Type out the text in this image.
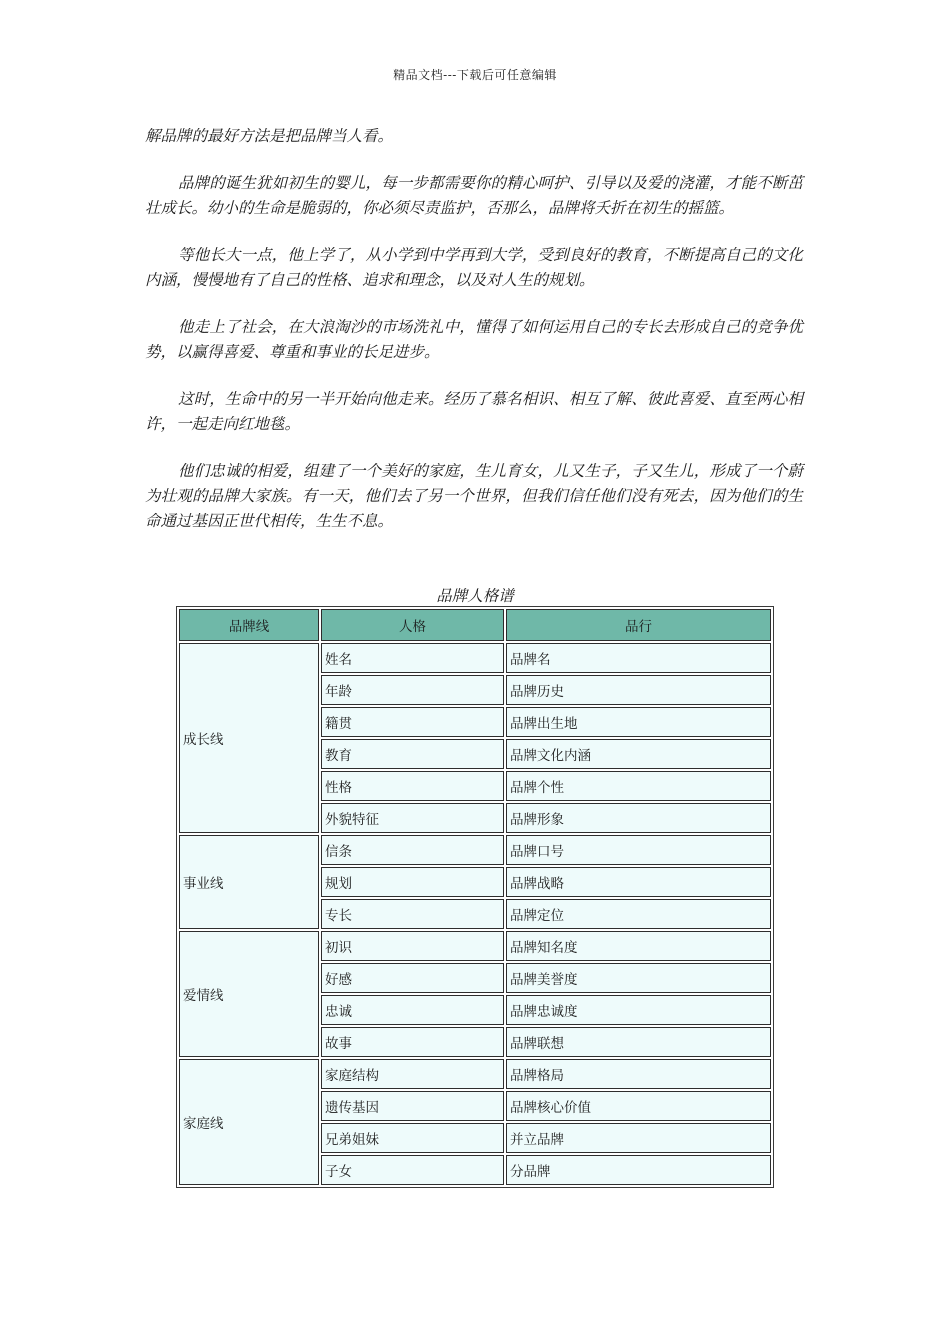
精品文档---下载后可任意编辑

解品牌的最好方法是把品牌当人看。

品牌的诞生犹如初生的婴儿，每一步都需要你的精心呵护、引导以及爱的浇灌，才能不断茁壮成长。幼小的生命是脆弱的，你必须尽责监护，否那么，品牌将夭折在初生的摇篮。

等他长大一点，他上学了，从小学到中学再到大学，受到良好的教育，不断提高自己的文化内涵，慢慢地有了自己的性格、追求和理念，以及对人生的规划。

他走上了社会，在大浪淘沙的市场洗礼中，懂得了如何运用自己的专长去形成自己的竞争优势，以赢得喜爱、尊重和事业的长足进步。

这时，生命中的另一半开始向他走来。经历了慕名相识、相互了解、彼此喜爱、直至两心相许，一起走向红地毯。

他们忠诚的相爱，组建了一个美好的家庭，生儿育女，儿又生子，子又生儿，形成了一个蔚为壮观的品牌大家族。有一天，他们去了另一个世界，但我们信任他们没有死去，因为他们的生命通过基因正世代相传，生生不息。

品牌人格谱
品牌线	人格	品行
成长线	姓名	品牌名
	年龄	品牌历史
	籍贯	品牌出生地
	教育	品牌文化内涵
	性格	品牌个性
	外貌特征	品牌形象
事业线	信条	品牌口号
	规划	品牌战略
	专长	品牌定位
爱情线	初识	品牌知名度
	好感	品牌美誉度
	忠诚	品牌忠诚度
	故事	品牌联想
家庭线	家庭结构	品牌格局
	遗传基因	品牌核心价值
	兄弟姐妹	并立品牌
	子女	分品牌
